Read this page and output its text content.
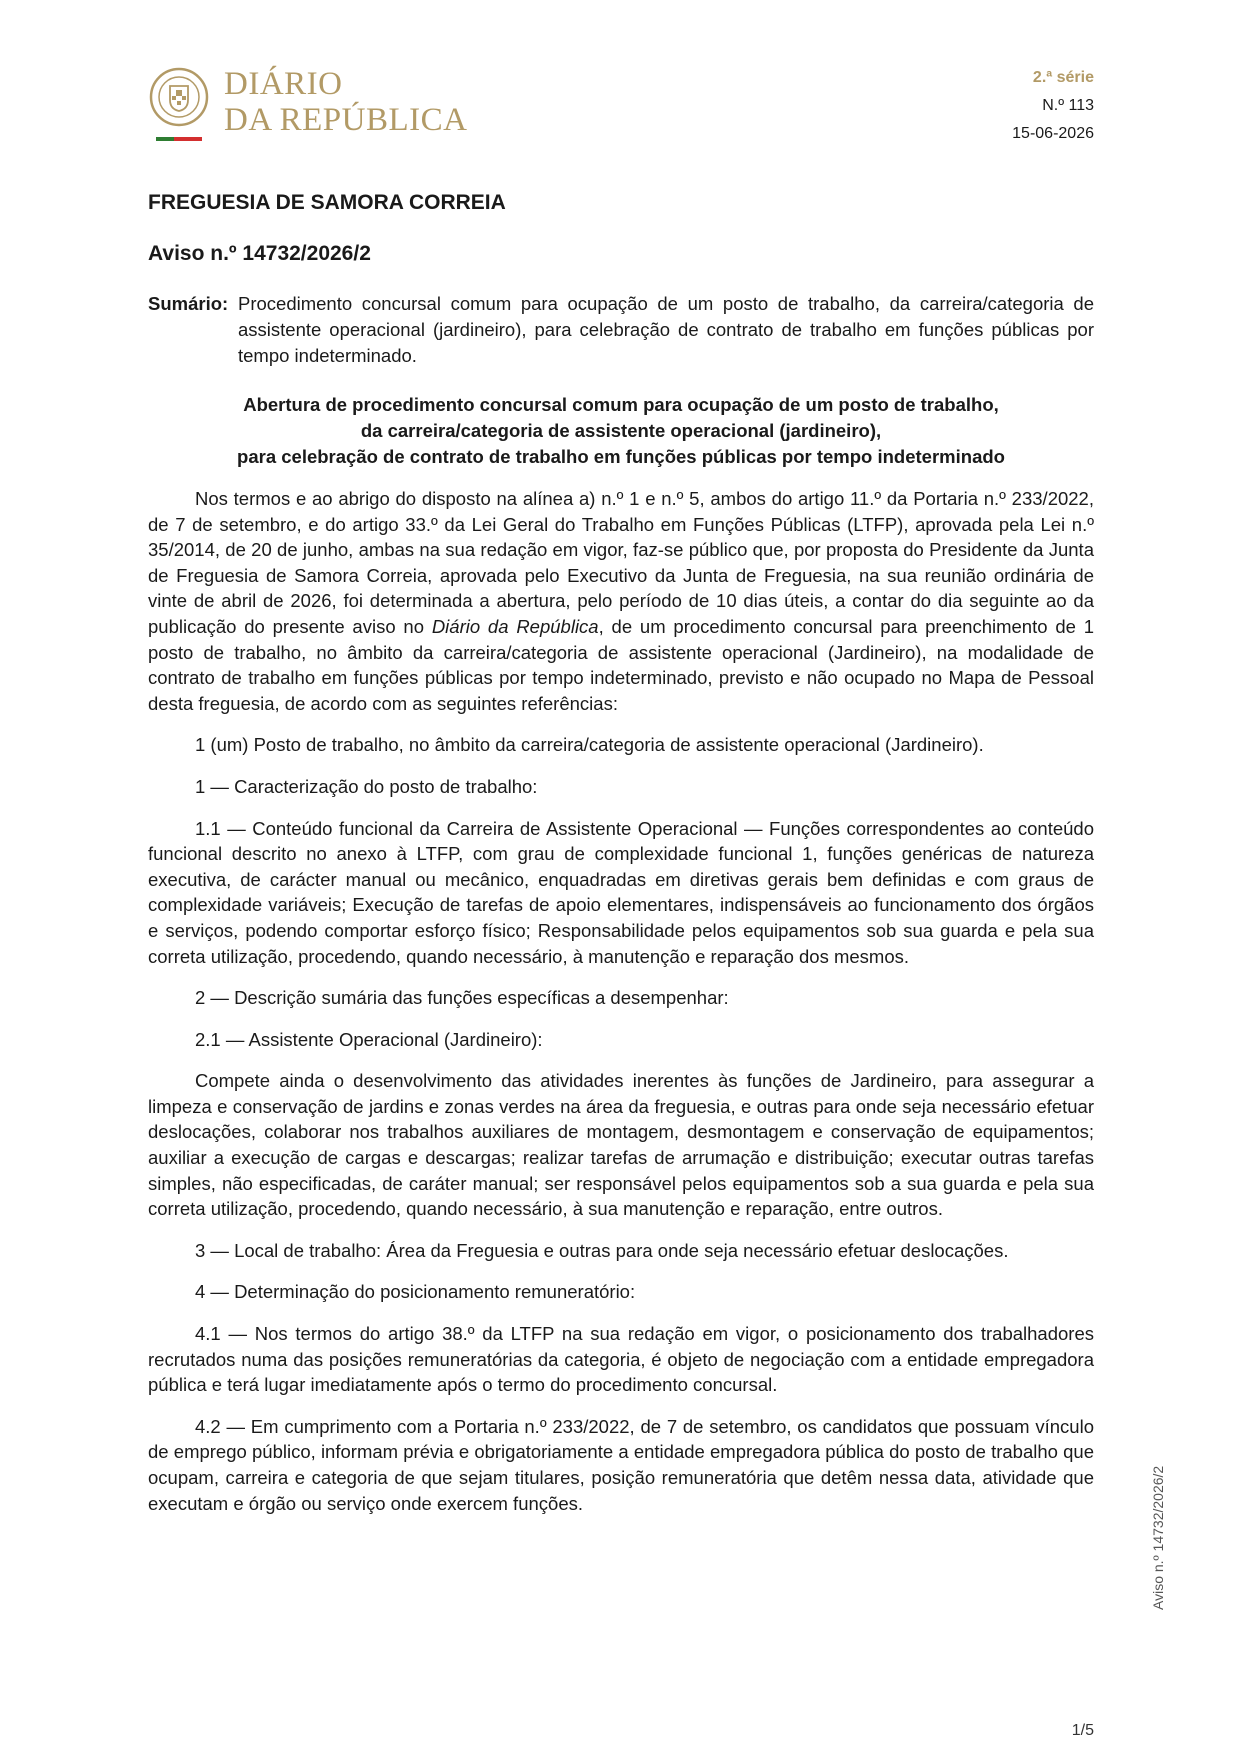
DIÁRIO
DA REPÚBLICA
2.ª série
N.º 113
15-06-2026
FREGUESIA DE SAMORA CORREIA
Aviso n.º 14732/2026/2
Sumário: Procedimento concursal comum para ocupação de um posto de trabalho, da carreira/categoria de assistente operacional (jardineiro), para celebração de contrato de trabalho em funções públicas por tempo indeterminado.
Abertura de procedimento concursal comum para ocupação de um posto de trabalho,
da carreira/categoria de assistente operacional (jardineiro),
para celebração de contrato de trabalho em funções públicas por tempo indeterminado

Nos termos e ao abrigo do disposto na alínea a) n.º 1 e n.º 5, ambos do artigo 11.º da Portaria n.º 233/2022, de 7 de setembro, e do artigo 33.º da Lei Geral do Trabalho em Funções Públicas (LTFP), aprovada pela Lei n.º 35/2014, de 20 de junho, ambas na sua redação em vigor, faz-se público que, por proposta do Presidente da Junta de Freguesia de Samora Correia, aprovada pelo Executivo da Junta de Freguesia, na sua reunião ordinária de vinte de abril de 2026, foi determinada a abertura, pelo período de 10 dias úteis, a contar do dia seguinte ao da publicação do presente aviso no Diário da República, de um procedimento concursal para preenchimento de 1 posto de trabalho, no âmbito da carreira/categoria de assistente operacional (Jardineiro), na modalidade de contrato de trabalho em funções públicas por tempo indeterminado, previsto e não ocupado no Mapa de Pessoal desta freguesia, de acordo com as seguintes referências:

1 (um) Posto de trabalho, no âmbito da carreira/categoria de assistente operacional (Jardineiro).

1 — Caracterização do posto de trabalho:

1.1 — Conteúdo funcional da Carreira de Assistente Operacional — Funções correspondentes ao conteúdo funcional descrito no anexo à LTFP, com grau de complexidade funcional 1, funções genéricas de natureza executiva, de carácter manual ou mecânico, enquadradas em diretivas gerais bem definidas e com graus de complexidade variáveis; Execução de tarefas de apoio elementares, indispensáveis ao funcionamento dos órgãos e serviços, podendo comportar esforço físico; Responsabilidade pelos equipamentos sob sua guarda e pela sua correta utilização, procedendo, quando necessário, à manutenção e reparação dos mesmos.

2 — Descrição sumária das funções específicas a desempenhar:

2.1 — Assistente Operacional (Jardineiro):

Compete ainda o desenvolvimento das atividades inerentes às funções de Jardineiro, para assegurar a limpeza e conservação de jardins e zonas verdes na área da freguesia, e outras para onde seja necessário efetuar deslocações, colaborar nos trabalhos auxiliares de montagem, desmontagem e conservação de equipamentos; auxiliar a execução de cargas e descargas; realizar tarefas de arrumação e distribuição; executar outras tarefas simples, não especificadas, de caráter manual; ser responsável pelos equipamentos sob a sua guarda e pela sua correta utilização, procedendo, quando necessário, à sua manutenção e reparação, entre outros.

3 — Local de trabalho: Área da Freguesia e outras para onde seja necessário efetuar deslocações.

4 — Determinação do posicionamento remuneratório:

4.1 — Nos termos do artigo 38.º da LTFP na sua redação em vigor, o posicionamento dos trabalhadores recrutados numa das posições remuneratórias da categoria, é objeto de negociação com a entidade empregadora pública e terá lugar imediatamente após o termo do procedimento concursal.

4.2 — Em cumprimento com a Portaria n.º 233/2022, de 7 de setembro, os candidatos que possuam vínculo de emprego público, informam prévia e obrigatoriamente a entidade empregadora pública do posto de trabalho que ocupam, carreira e categoria de que sejam titulares, posição remuneratória que detêm nessa data, atividade que executam e órgão ou serviço onde exercem funções.	Aviso n.º 14732/2026/2
1/5
